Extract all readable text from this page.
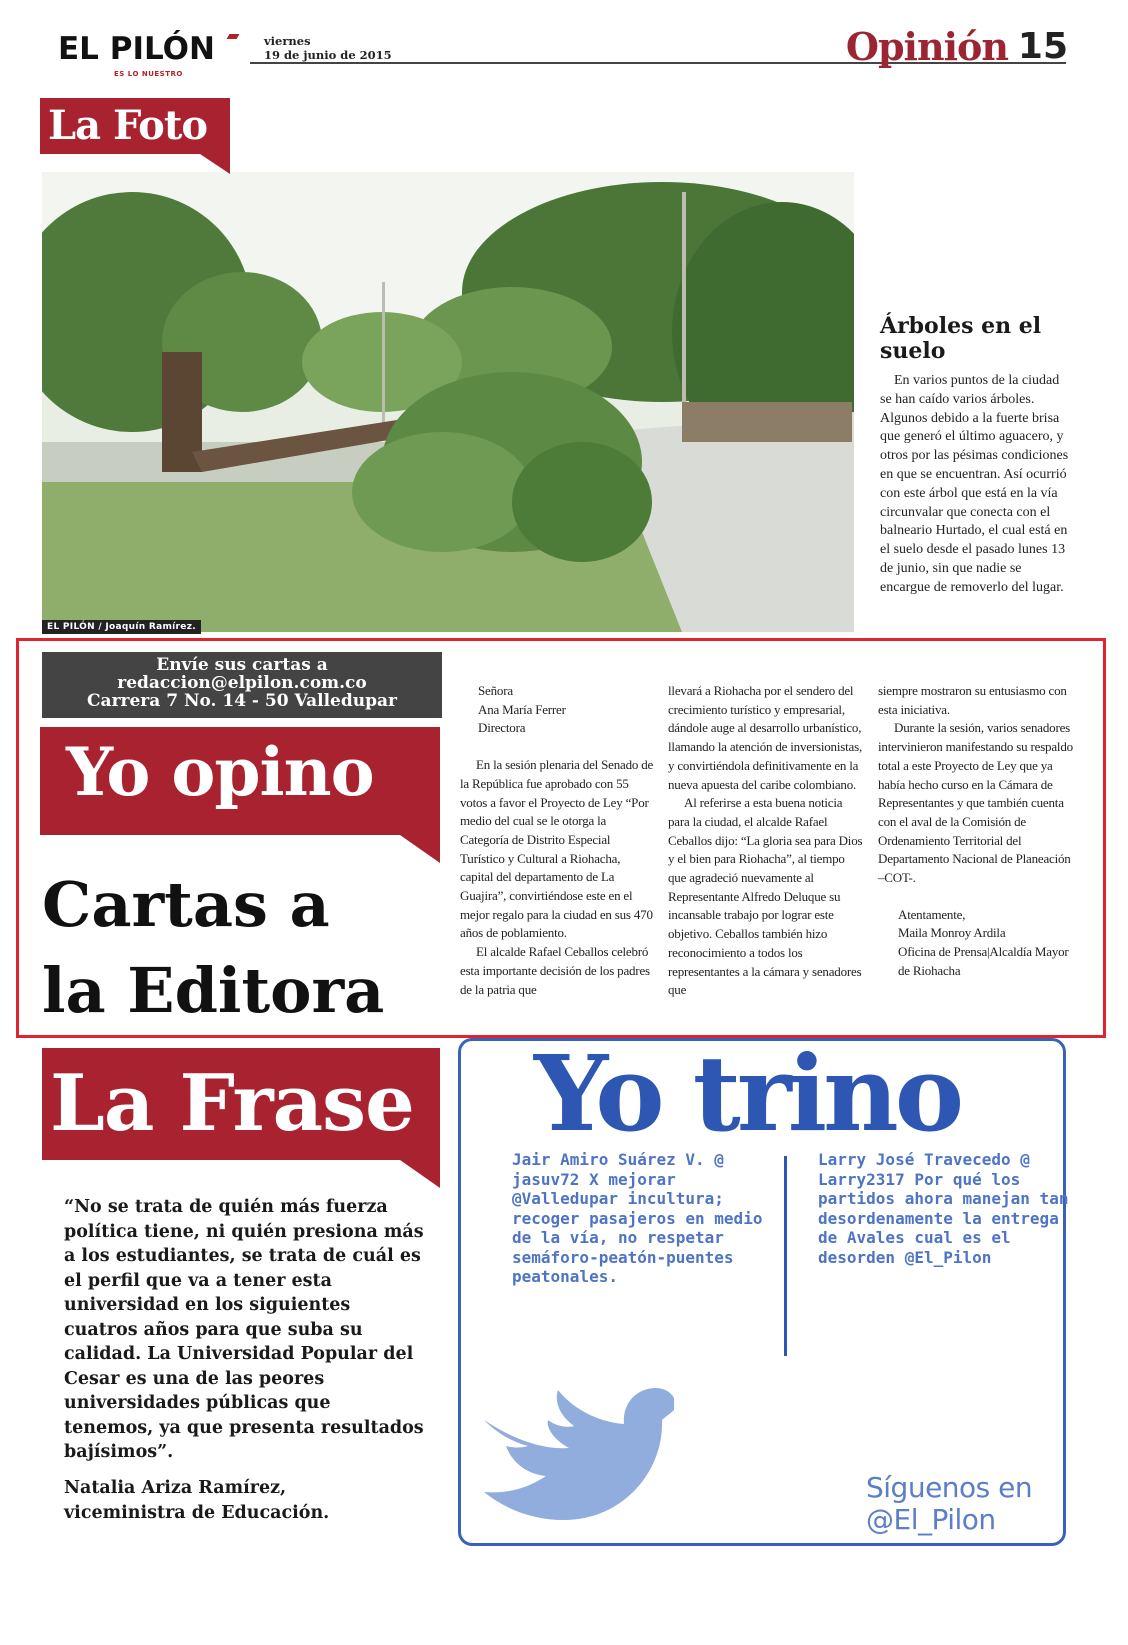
EL PILÓN
ES LO NUESTRO
viernes
19 de junio de 2015	Opinión 15
La Foto
EL PILÓN / Joaquín Ramírez.
Árboles en el suelo

En varios puntos de la ciudad se han caído varios árboles. Algunos debido a la fuerte brisa que generó el último aguacero, y otros por las pésimas condiciones en que se encuentran. Así ocurrió con este árbol que está en la vía circunvalar que conecta con el balneario Hurtado, el cual está en el suelo desde el pasado lunes 13 de junio, sin que nadie se encargue de removerlo del lugar.

Envíe sus cartas a
redaccion@elpilon.com.co
Carrera 7 No. 14 - 50 Valledupar
Yo opino
Cartas a
la Editora
Señora
Ana María Ferrer
Directora

En la sesión plenaria del Senado de la República fue aprobado con 55 votos a favor el Proyecto de Ley “Por medio del cual se le otorga la Categoría de Distrito Especial Turístico y Cultural a Riohacha, capital del departamento de La Guajira”, convirtiéndose este en el mejor regalo para la ciudad en sus 470 años de poblamiento.

El alcalde Rafael Ceballos celebró esta importante decisión de los padres de la patria que

llevará a Riohacha por el sendero del crecimiento turístico y empresarial, dándole auge al desarrollo urbanístico, llamando la atención de inversionistas, y convirtiéndola definitivamente en la nueva apuesta del caribe colombiano.

Al referirse a esta buena noticia para la ciudad, el alcalde Rafael Ceballos dijo: “La gloria sea para Dios y el bien para Riohacha”, al tiempo que agradeció nuevamente al Representante Alfredo Deluque su incansable trabajo por lograr este objetivo. Ceballos también hizo reconocimiento a todos los representantes a la cámara y senadores que

siempre mostraron su entusiasmo con esta iniciativa.

Durante la sesión, varios senadores intervinieron manifestando su respaldo total a este Proyecto de Ley que ya había hecho curso en la Cámara de Representantes y que también cuenta con el aval de la Comisión de Ordenamiento Territorial del Departamento Nacional de Planeación –COT-.

Atentamente,
Maila Monroy Ardila
Oficina de Prensa|Alcaldía Mayor de Riohacha
La Frase

“No se trata de quién más fuerza política tiene, ni quién presiona más a los estudiantes, se trata de cuál es el perfil que va a tener esta universidad en los siguientes cuatros años para que suba su calidad. La Universidad Popular del Cesar es una de las peores universidades públicas que tenemos, ya que presenta resultados bajísimos”.

Natalia Ariza Ramírez,
viceministra de Educación.
Yo trino

Jair Amiro Suárez V. @ jasuv72 X mejorar @Valledupar incultura; recoger pasajeros en medio de la vía, no respetar semáforo-peatón-puentes peatonales.

Larry José Travecedo @ Larry2317 Por qué los partidos ahora manejan tan desordenamente la entrega de Avales cual es el desorden @El_Pilon

Síguenos en
@El_Pilon
